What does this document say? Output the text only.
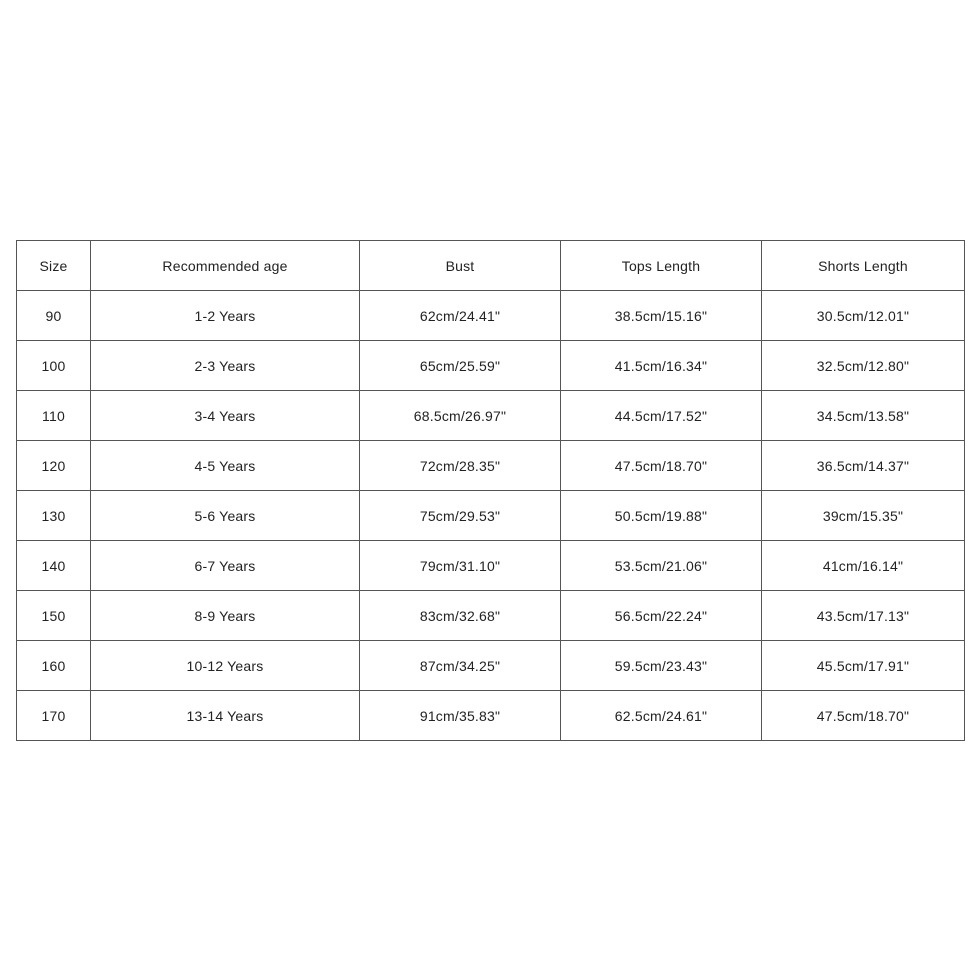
Size	Recommended age	Bust	Tops Length	Shorts Length
90	1-2 Years	62cm/24.41"	38.5cm/15.16"	30.5cm/12.01"
100	2-3 Years	65cm/25.59"	41.5cm/16.34"	32.5cm/12.80"
110	3-4 Years	68.5cm/26.97"	44.5cm/17.52"	34.5cm/13.58"
120	4-5 Years	72cm/28.35"	47.5cm/18.70"	36.5cm/14.37"
130	5-6 Years	75cm/29.53"	50.5cm/19.88"	39cm/15.35"
140	6-7 Years	79cm/31.10"	53.5cm/21.06"	41cm/16.14"
150	8-9 Years	83cm/32.68"	56.5cm/22.24"	43.5cm/17.13"
160	10-12 Years	87cm/34.25"	59.5cm/23.43"	45.5cm/17.91"
170	13-14 Years	91cm/35.83"	62.5cm/24.61"	47.5cm/18.70"
